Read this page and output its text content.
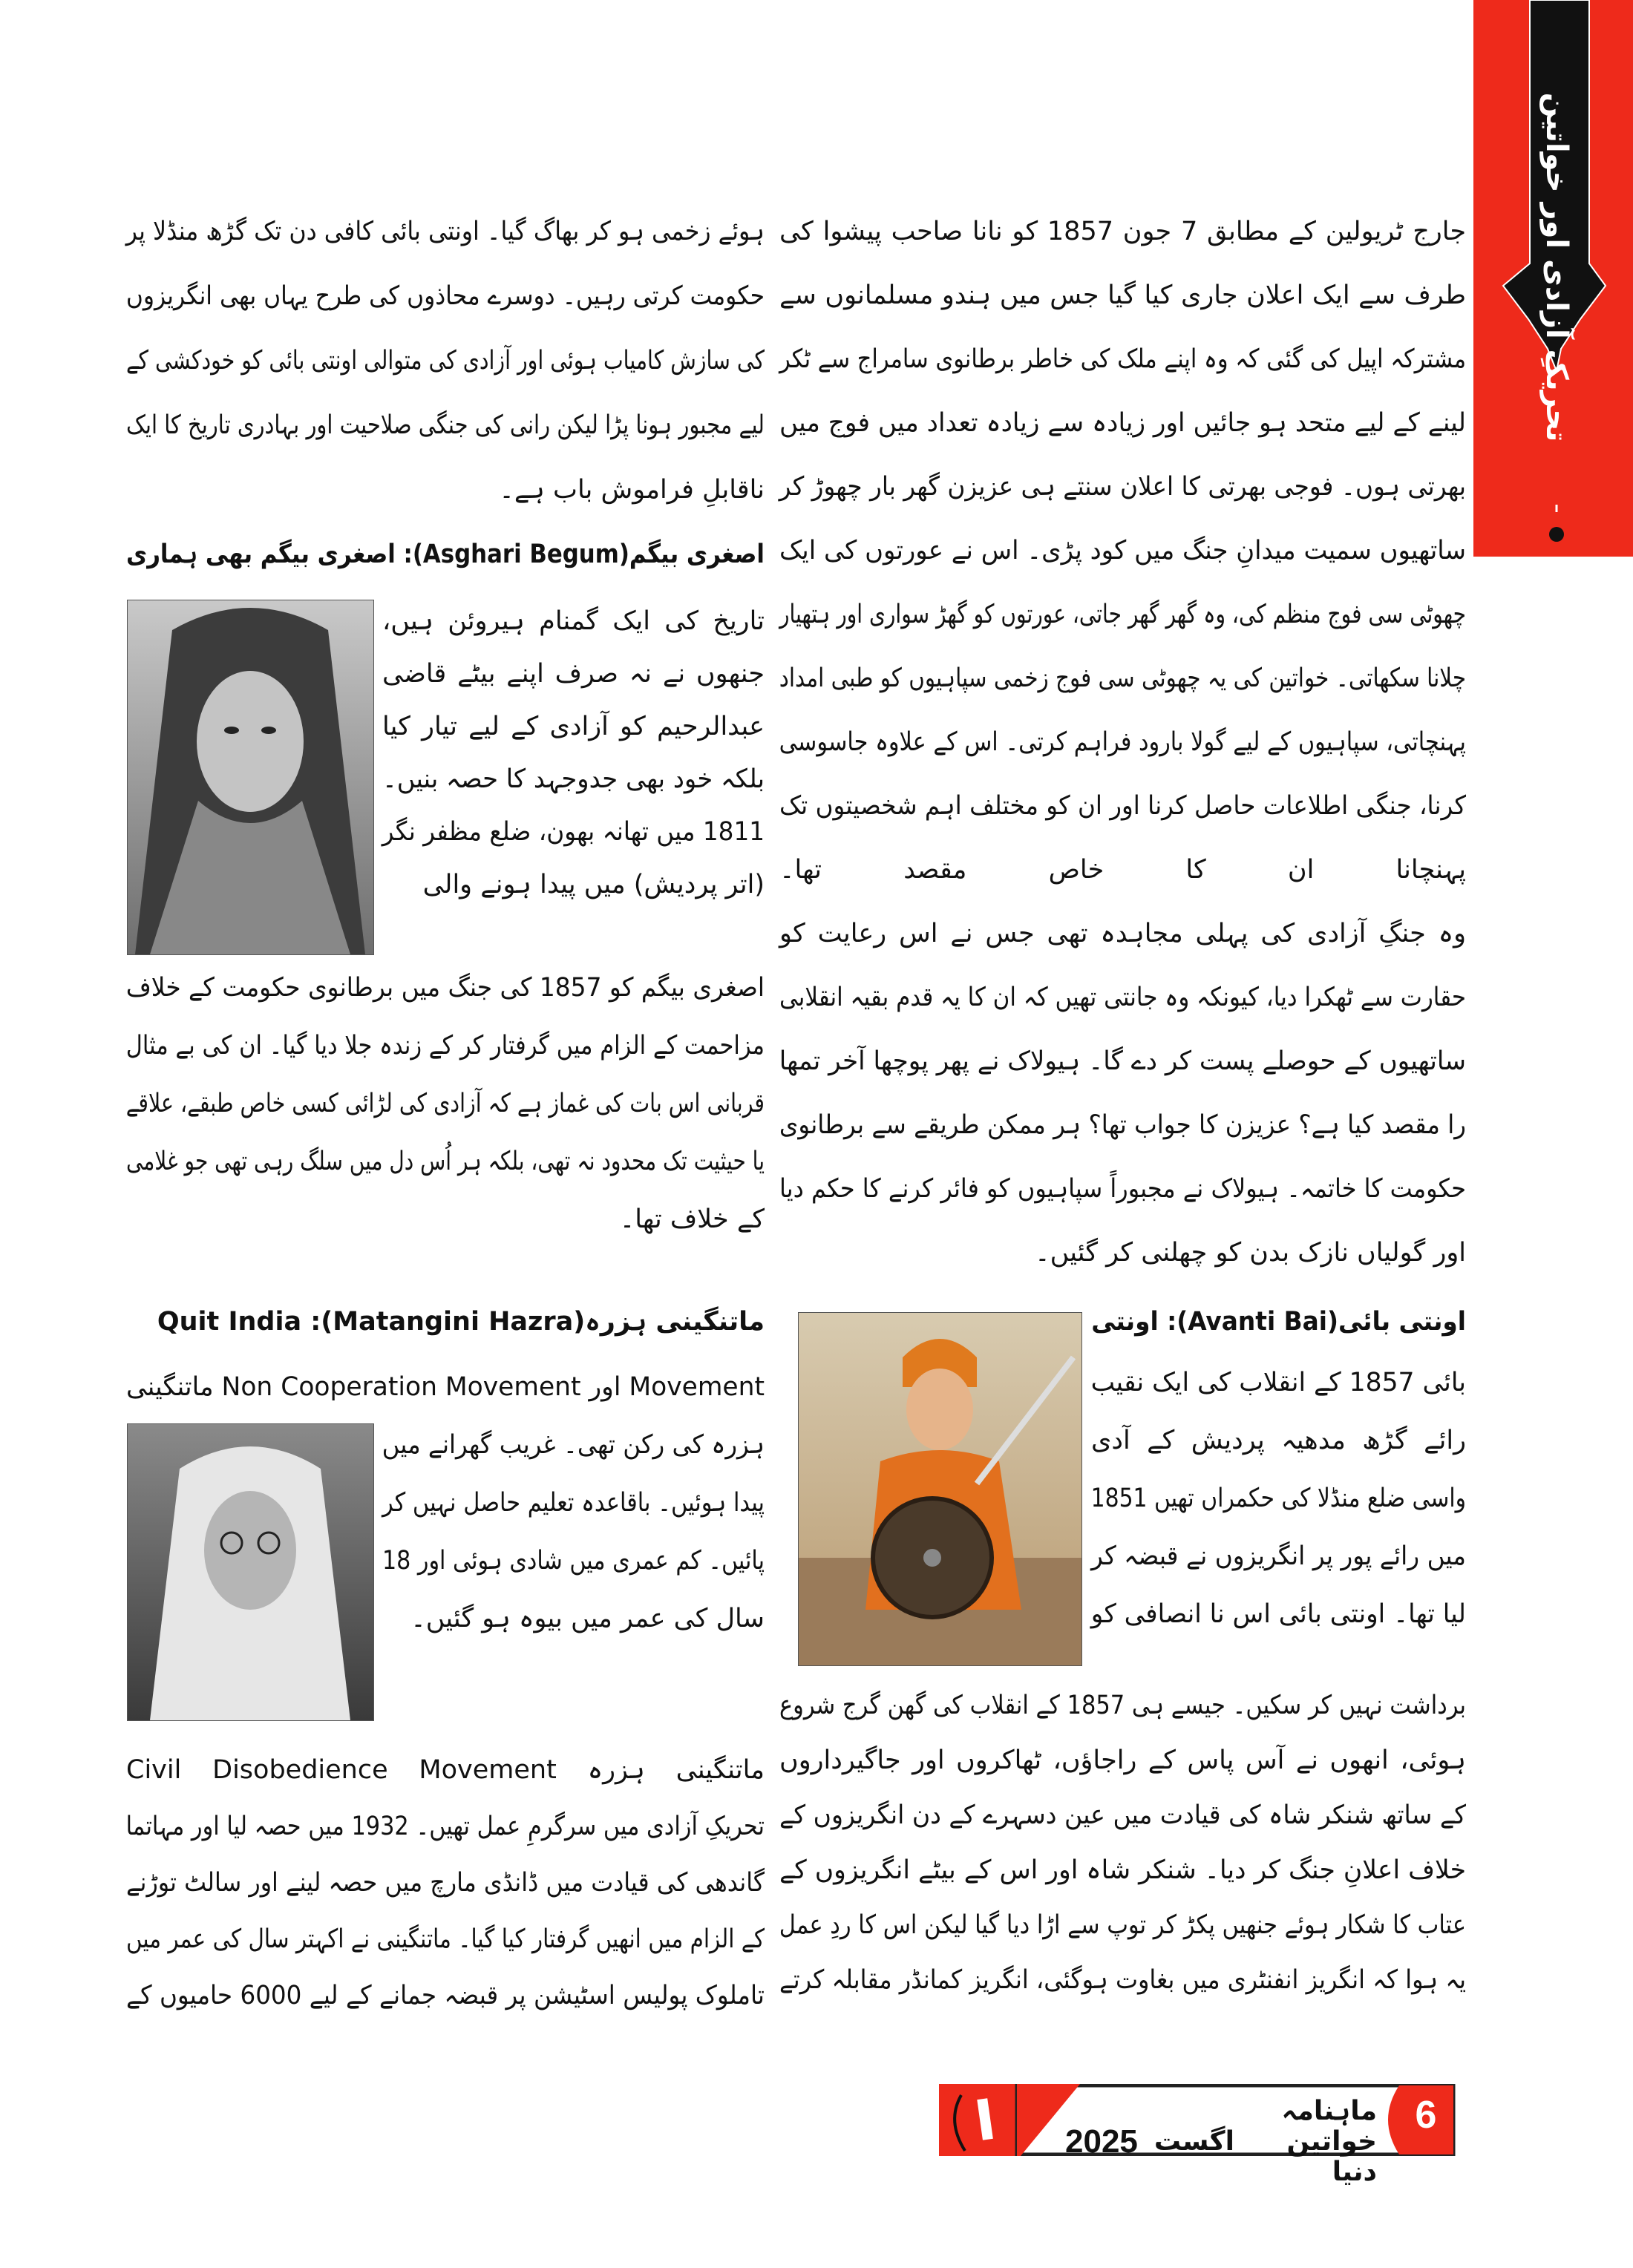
تحریکِ آزادی اور خواتین
جارج ٹریولین کے مطابق 7 جون 1857 کو نانا صاحب پیشوا کی
طرف سے ایک اعلان جاری کیا گیا جس میں ہندو مسلمانوں سے
مشترکہ اپیل کی گئی کہ وہ اپنے ملک کی خاطر برطانوی سامراج سے ٹکر
لینے کے لیے متحد ہو جائیں اور زیادہ سے زیادہ تعداد میں فوج میں
بھرتی ہوں۔ فوجی بھرتی کا اعلان سنتے ہی عزیزن گھر بار چھوڑ کر
ساتھیوں سمیت میدانِ جنگ میں کود پڑی۔ اس نے عورتوں کی ایک
چھوٹی سی فوج منظم کی، وہ گھر گھر جاتی، عورتوں کو گھڑ سواری اور ہتھیار
چلانا سکھاتی۔ خواتین کی یہ چھوٹی سی فوج زخمی سپاہیوں کو طبی امداد
پہنچاتی، سپاہیوں کے لیے گولا بارود فراہم کرتی۔ اس کے علاوہ جاسوسی
کرنا، جنگی اطلاعات حاصل کرنا اور ان کو مختلف اہم شخصیتوں تک
پہنچانا ان کا خاص مقصد تھا۔
وہ جنگِ آزادی کی پہلی مجاہدہ تھی جس نے اس رعایت کو
حقارت سے ٹھکرا دیا، کیونکہ وہ جانتی تھیں کہ ان کا یہ قدم بقیہ انقلابی
ساتھیوں کے حوصلے پست کر دے گا۔ ہیولاک نے پھر پوچھا آخر تمھا
را مقصد کیا ہے؟ عزیزن کا جواب تھا؟ ہر ممکن طریقے سے برطانوی
حکومت کا خاتمہ۔ ہیولاک نے مجبوراً سپاہیوں کو فائر کرنے کا حکم دیا
اور گولیاں نازک بدن کو چھلنی کر گئیں۔
اونتی بائی(Avanti Bai): اونتی
بائی 1857 کے انقلاب کی ایک نقیب
رائے گڑھ مدھیہ پردیش کے آدی
واسی ضلع منڈلا کی حکمراں تھیں 1851
میں رائے پور پر انگریزوں نے قبضہ کر
لیا تھا۔ اونتی بائی اس نا انصافی کو
برداشت نہیں کر سکیں۔ جیسے ہی 1857 کے انقلاب کی گھن گرج شروع
ہوئی، انھوں نے آس پاس کے راجاؤں، ٹھاکروں اور جاگیرداروں
کے ساتھ شنکر شاہ کی قیادت میں عین دسہرے کے دن انگریزوں کے
خلاف اعلانِ جنگ کر دیا۔ شنکر شاہ اور اس کے بیٹے انگریزوں کے
عتاب کا شکار ہوئے جنھیں پکڑ کر توپ سے اڑا دیا گیا لیکن اس کا ردِ عمل
یہ ہوا کہ انگریز انفنٹری میں بغاوت ہوگئی، انگریز کمانڈر مقابلہ کرتے
ہوئے زخمی ہو کر بھاگ گیا۔ اونتی بائی کافی دن تک گڑھ منڈلا پر
حکومت کرتی رہیں۔ دوسرے محاذوں کی طرح یہاں بھی انگریزوں
کی سازش کامیاب ہوئی اور آزادی کی متوالی اونتی بائی کو خودکشی کے
لیے مجبور ہونا پڑا لیکن رانی کی جنگی صلاحیت اور بہادری تاریخ کا ایک
ناقابلِ فراموش باب ہے۔
اصغری بیگم(Asghari Begum): اصغری بیگم بھی ہماری
تاریخ کی ایک گمنام ہیروئن ہیں،
جنھوں نے نہ صرف اپنے بیٹے قاضی
عبدالرحیم کو آزادی کے لیے تیار کیا
بلکہ خود بھی جدوجہد کا حصہ بنیں۔
1811 میں تھانہ بھون، ضلع مظفر نگر
(اتر پردیش) میں پیدا ہونے والی
اصغری بیگم کو 1857 کی جنگ میں برطانوی حکومت کے خلاف
مزاحمت کے الزام میں گرفتار کر کے زندہ جلا دیا گیا۔ ان کی بے مثال
قربانی اس بات کی غماز ہے کہ آزادی کی لڑائی کسی خاص طبقے، علاقے
یا حیثیت تک محدود نہ تھی، بلکہ ہر اُس دل میں سلگ رہی تھی جو غلامی
کے خلاف تھا۔
ماتنگینی ہزرہ(Matangini Hazra): Quit India
Movement اور Non Cooperation Movement ماتنگینی
ہزرہ کی رکن تھی۔ غریب گھرانے میں
پیدا ہوئیں۔ باقاعدہ تعلیم حاصل نہیں کر
پائیں۔ کم عمری میں شادی ہوئی اور 18
سال کی عمر میں بیوہ ہو گئیں۔
ماتنگینی ہزرہ Civil Disobedience Movement
تحریکِ آزادی میں سرگرمِ عمل تھیں۔ 1932 میں حصہ لیا اور مہاتما
گاندھی کی قیادت میں ڈانڈی مارچ میں حصہ لینے اور سالٹ توڑنے
کے الزام میں انھیں گرفتار کیا گیا۔ ماتنگینی نے اکہتر سال کی عمر میں
تاملوک پولیس اسٹیشن پر قبضہ جمانے کے لیے 6000 حامیوں کے
ماہنامہ خواتین دنیا
اگست
2025
6
